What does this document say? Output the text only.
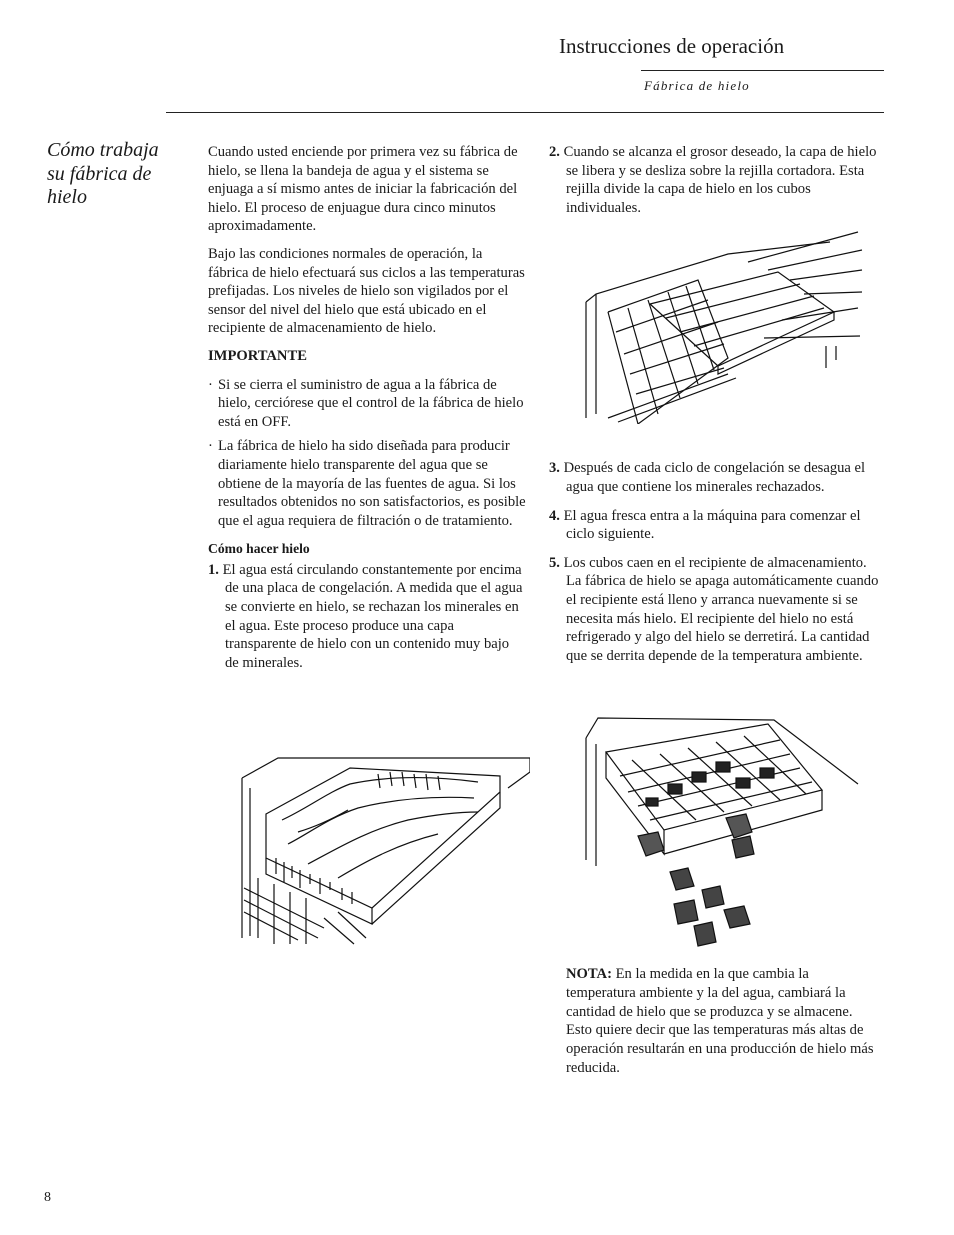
Instrucciones de operación
Fábrica de hielo
Cómo trabaja su fábrica de hielo

Cuando usted enciende por primera vez su fábrica de hielo, se llena la bandeja de agua y el sistema se enjuaga a sí mismo antes de iniciar la fabricación del hielo. El proceso de enjuague dura cinco minutos aproximadamente.

Bajo las condiciones normales de operación, la fábrica de hielo efectuará sus ciclos a las temperaturas prefijadas. Los niveles de hielo son vigilados por el sensor del nivel del hielo que está ubicado en el recipiente de almacenamiento de hielo.

IMPORTANTE

· Si se cierra el suministro de agua a la fábrica de hielo, cerciórese que el control de la fábrica de hielo está en OFF.

· La fábrica de hielo ha sido diseñada para producir diariamente hielo transparente del agua que se obtiene de la mayoría de las fuentes de agua. Si los resultados obtenidos no son satisfactorios, es posible que el agua requiera de filtración o de tratamiento.

Cómo hacer hielo

1. El agua está circulando constantemente por encima de una placa de congelación. A medida que el agua se convierte en hielo, se rechazan los minerales en el agua. Este proceso produce una capa transparente de hielo con un contenido muy bajo de minerales.

2. Cuando se alcanza el grosor deseado, la capa de hielo se libera y se desliza sobre la rejilla cortadora. Esta rejilla divide la capa de hielo en los cubos individuales.

3. Después de cada ciclo de congelación se desagua el agua que contiene los minerales rechazados.

4. El agua fresca entra a la máquina para comenzar el ciclo siguiente.

5. Los cubos caen en el recipiente de almacenamiento. La fábrica de hielo se apaga automáticamente cuando el recipiente está lleno y arranca nuevamente si se necesita más hielo. El recipiente del hielo no está refrigerado y algo del hielo se derretirá. La cantidad que se derrita depende de la temperatura ambiente.

NOTA: En la medida en la que cambia la temperatura ambiente y la del agua, cambiará la cantidad de hielo que se produzca y se almacene. Esto quiere decir que las temperaturas más altas de operación resultarán en una producción de hielo más reducida.
8
